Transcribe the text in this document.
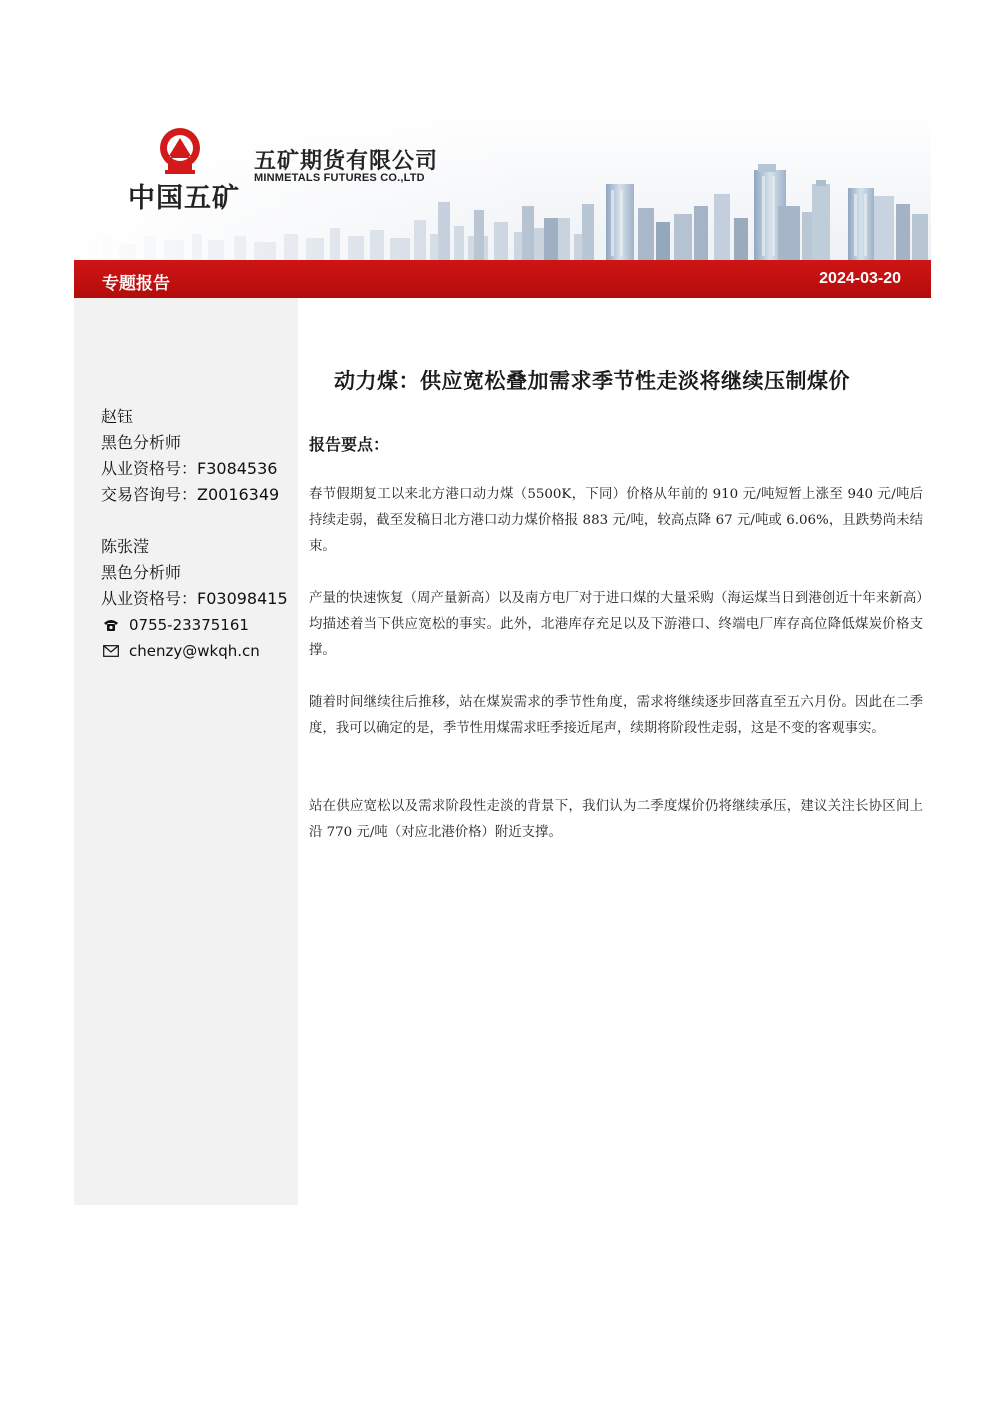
中国五矿
五矿期货有限公司
MINMETALS FUTURES CO.,LTD
专题报告	2024-03-20
赵钰
黑色分析师
从业资格号：F3084536
交易咨询号：Z0016349
陈张滢
黑色分析师
从业资格号：F03098415
0755-23375161
chenzy@wkqh.cn
动力煤：供应宽松叠加需求季节性走淡将继续压制煤价
报告要点：
春节假期复工以来北方港口动力煤（5500K，下同）价格从年前的 910 元/吨短暂上涨至 940 元/吨后持续走弱，截至发稿日北方港口动力煤价格报 883 元/吨，较高点降 67 元/吨或 6.06%，且跌势尚未结束。
产量的快速恢复（周产量新高）以及南方电厂对于进口煤的大量采购（海运煤当日到港创近十年来新高）均描述着当下供应宽松的事实。此外，北港库存充足以及下游港口、终端电厂库存高位降低煤炭价格支撑。
随着时间继续往后推移，站在煤炭需求的季节性角度，需求将继续逐步回落直至五六月份。因此在二季度，我可以确定的是，季节性用煤需求旺季接近尾声，续期将阶段性走弱，这是不变的客观事实。
站在供应宽松以及需求阶段性走淡的背景下，我们认为二季度煤价仍将继续承压，建议关注长协区间上沿 770 元/吨（对应北港价格）附近支撑。
